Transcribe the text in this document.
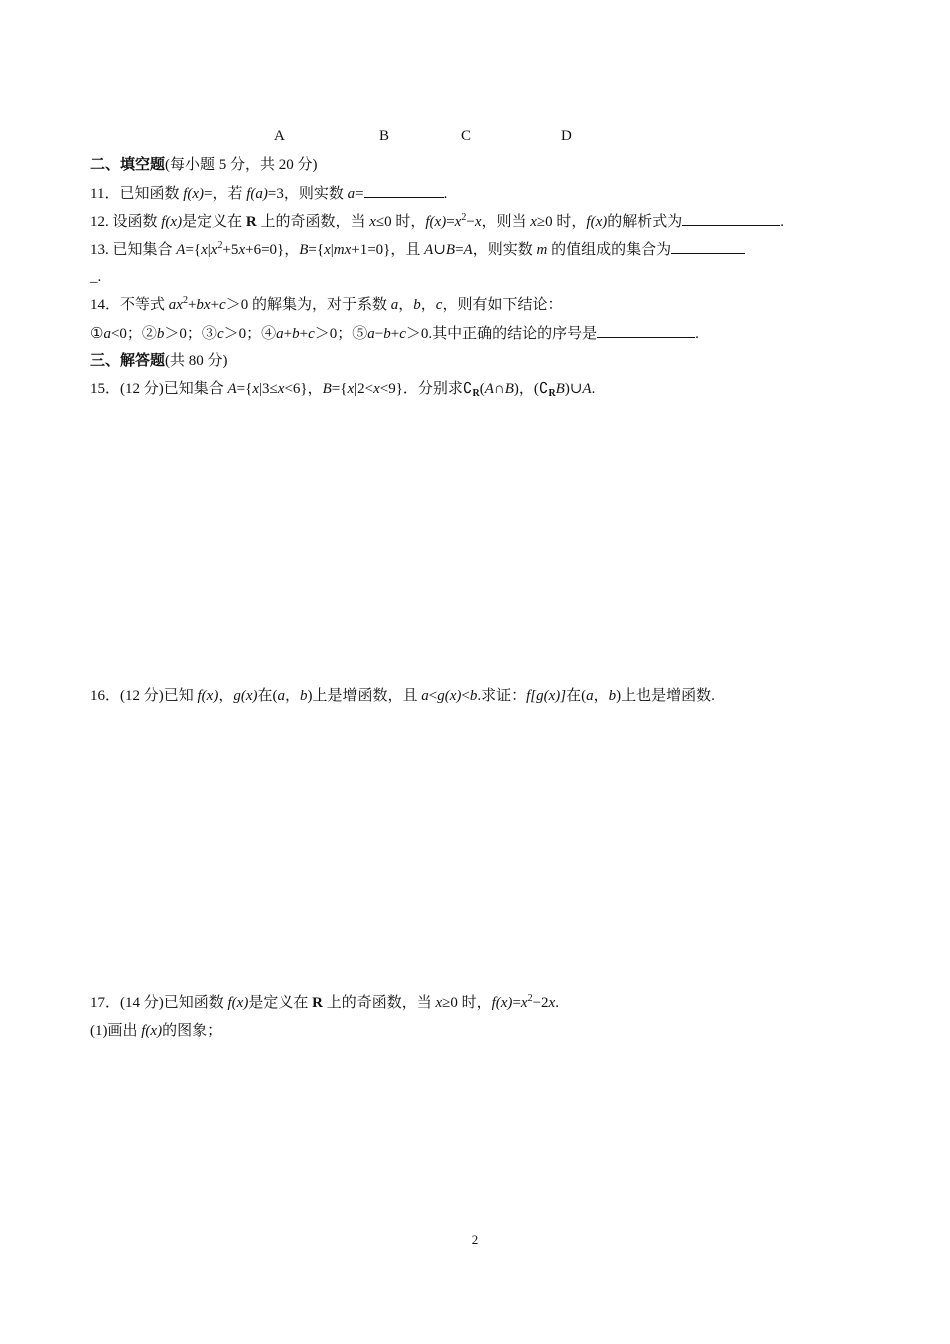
A	B	C	D
二、填空题(每小题 5 分，共 20 分)
11．已知函数 f(x)=，若 f(a)=3，则实数 a=	.
12. 设函数 f(x)是定义在 R 上的奇函数，当 x≤0 时，$f(x)=x^2-x$，则当 x≥0 时，f(x)的解析式为	.
13. 已知集合 $A=\{x|x^2+5x+6=0\}$，B={x|mx+1=0}，且 A∪B=A，则实数 m 的值组成的集合为
_.
14．不等式 $ax^2+bx+c>0$ 的解集为，对于系数 a，b，c，则有如下结论：
①a<0；②b＞0；③c＞0；④a+b+c＞0；⑤a−b+c＞0.其中正确的结论的序号是	.
三、解答题(共 80 分)
15．(12 分)已知集合 A={x|3≤x<6}，B={x|2<x<9}．分别求$∁_R(A\cap B)$，$(∁_RB)\cup A$.
16．(12 分)已知 f(x)，g(x)在(a，b)上是增函数，且 a<g(x)<b.求证：f[g(x)]在(a，b)上也是增函数.
17．(14 分)已知函数 f(x)是定义在 R 上的奇函数，当 x≥0 时，$f(x)=x^2-2x$.
(1)画出 f(x)的图象；
2
